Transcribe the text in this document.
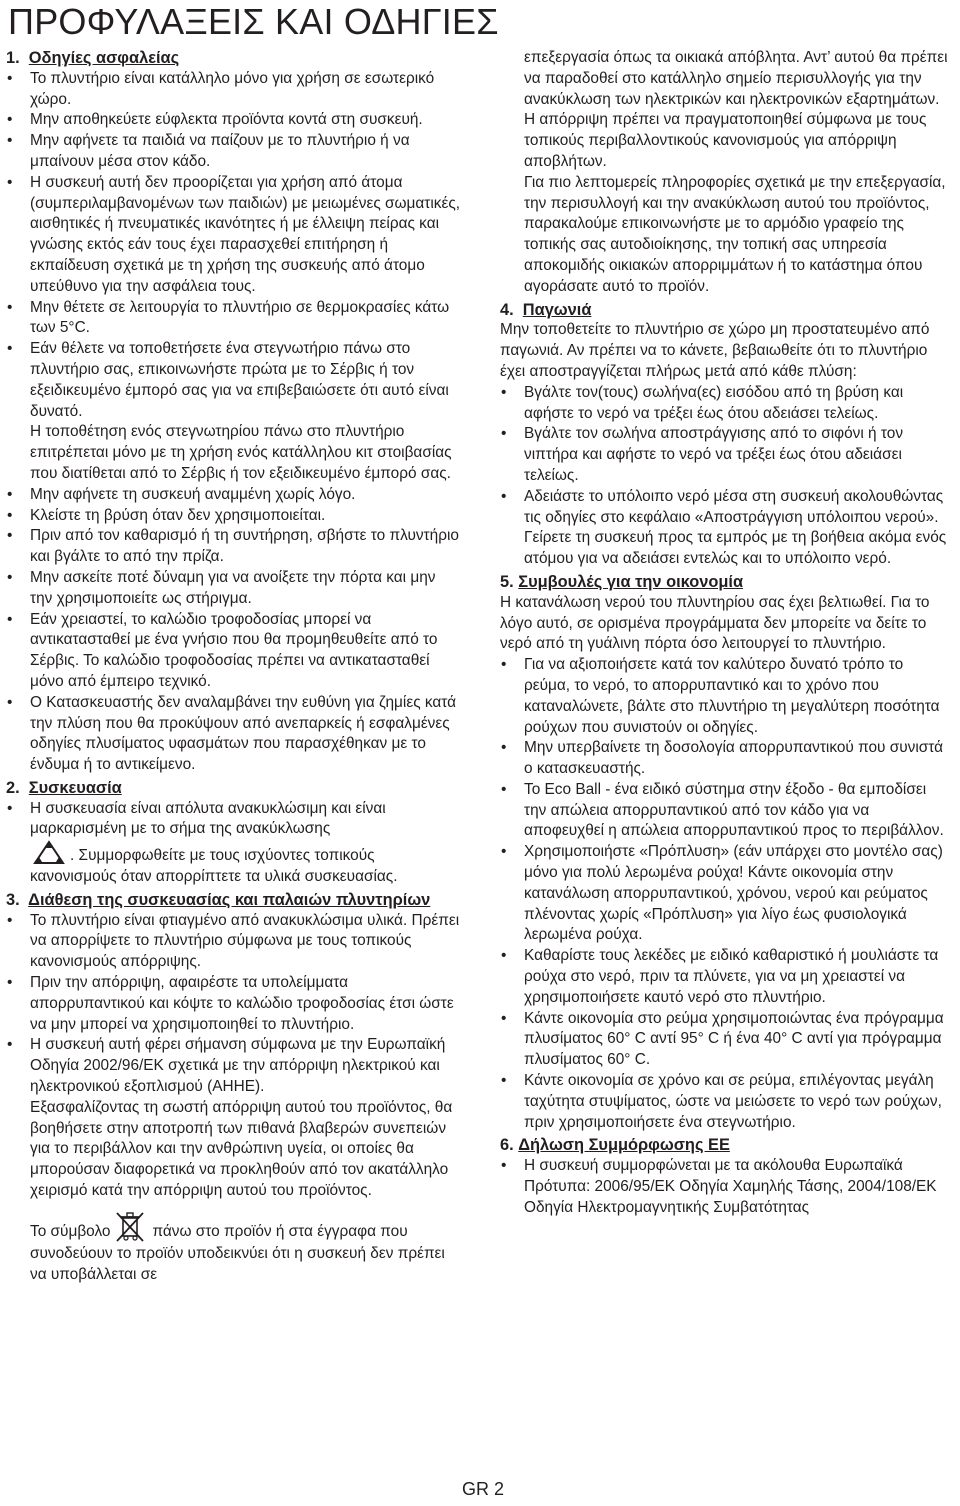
ΠΡΟΦΥΛΑΞΕΙΣ ΚΑΙ ΟΔΗΓΙΕΣ

1. Οδηγίες ασφαλείας

• Το πλυντήριο είναι κατάλληλο μόνο για χρήση σε εσωτερικό χώρο.

• Μην αποθηκεύετε εύφλεκτα προϊόντα κοντά στη συσκευή.

• Μην αφήνετε τα παιδιά να παίζουν με το πλυντήριο ή να μπαίνουν μέσα στον κάδο.

• Η συσκευή αυτή δεν προορίζεται για χρήση από άτομα (συμπεριλαμβανομένων των παιδιών) με μειωμένες σωματικές, αισθητικές ή πνευματικές ικανότητες ή με έλλειψη πείρας και γνώσης εκτός εάν τους έχει παρασχεθεί επιτήρηση ή εκπαίδευση σχετικά με τη χρήση της συσκευής από άτομο υπεύθυνο για την ασφάλεια τους.

• Μην θέτετε σε λειτουργία το πλυντήριο σε θερμοκρασίες κάτω των 5°C.

• Εάν θέλετε να τοποθετήσετε ένα στεγνωτήριο πάνω στο πλυντήριο σας, επικοινωνήστε πρώτα με το Σέρβις ή τον εξειδικευμένο έμπορό σας για να επιβεβαιώσετε ότι αυτό είναι δυνατό.

Η τοποθέτηση ενός στεγνωτηρίου πάνω στο πλυντήριο επιτρέπεται μόνο με τη χρήση ενός κατάλληλου κιτ στοιβασίας που διατίθεται από το Σέρβις ή τον εξειδικευμένο έμπορό σας.

• Μην αφήνετε τη συσκευή αναμμένη χωρίς λόγο.

• Κλείστε τη βρύση όταν δεν χρησιμοποιείται.

• Πριν από τον καθαρισμό ή τη συντήρηση, σβήστε το πλυντήριο και βγάλτε το από την πρίζα.

• Μην ασκείτε ποτέ δύναμη για να ανοίξετε την πόρτα και μην την χρησιμοποιείτε ως στήριγμα.

• Εάν χρειαστεί, το καλώδιο τροφοδοσίας μπορεί να αντικατασταθεί με ένα γνήσιο που θα προμηθευθείτε από το Σέρβις. Το καλώδιο τροφοδοσίας πρέπει να αντικατασταθεί μόνο από έμπειρο τεχνικό.

• Ο Κατασκευαστής δεν αναλαμβάνει την ευθύνη για ζημίες κατά την πλύση που θα προκύψουν από ανεπαρκείς ή εσφαλμένες οδηγίες πλυσίματος υφασμάτων που παρασχέθηκαν με το ένδυμα ή το αντικείμενο.

2. Συσκευασία

• Η συσκευασία είναι απόλυτα ανακυκλώσιμη και είναι μαρκαρισμένη με το σήμα της ανακύκλωσης
. Συμμορφωθείτε με τους ισχύοντες τοπικούς κανονισμούς όταν απορρίπτετε τα υλικά συσκευασίας.

3. Διάθεση της συσκευασίας και παλαιών πλυντηρίων

• Το πλυντήριο είναι φτιαγμένο από ανακυκλώσιμα υλικά. Πρέπει να απορρίψετε το πλυντήριο σύμφωνα με τους τοπικούς κανονισμούς απόρριψης.

• Πριν την απόρριψη, αφαιρέστε τα υπολείμματα απορρυπαντικού και κόψτε το καλώδιο τροφοδοσίας έτσι ώστε να μην μπορεί να χρησιμοποιηθεί το πλυντήριο.

• Η συσκευή αυτή φέρει σήμανση σύμφωνα με την Ευρωπαϊκή Οδηγία 2002/96/ΕΚ σχετικά με την απόρριψη ηλεκτρικού και ηλεκτρονικού εξοπλισμού (ΑΗΗΕ).

Εξασφαλίζοντας τη σωστή απόρριψη αυτού του προϊόντος, θα βοηθήσετε στην αποτροπή των πιθανά βλαβερών συνεπειών για το περιβάλλον και την ανθρώπινη υγεία, οι οποίες θα μπορούσαν διαφορετικά να προκληθούν από τον ακατάλληλο χειρισμό κατά την απόρριψη αυτού του προϊόντος.

Το σύμβολο	πάνω στο προϊόν ή στα έγγραφα που συνοδεύουν το προϊόν υποδεικνύει ότι η συσκευή δεν πρέπει να υποβάλλεται σε

επεξεργασία όπως τα οικιακά απόβλητα. Αντ’ αυτού θα πρέπει να παραδοθεί στο κατάλληλο σημείο περισυλλογής για την ανακύκλωση των ηλεκτρικών και ηλεκτρονικών εξαρτημάτων.

Η απόρριψη πρέπει να πραγματοποιηθεί σύμφωνα με τους τοπικούς περιβαλλοντικούς κανονισμούς για απόρριψη αποβλήτων.

Για πιο λεπτομερείς πληροφορίες σχετικά με την επεξεργασία, την περισυλλογή και την ανακύκλωση αυτού του προϊόντος, παρακαλούμε επικοινωνήστε με το αρμόδιο γραφείο της τοπικής σας αυτοδιοίκησης, την τοπική σας υπηρεσία αποκομιδής οικιακών απορριμμάτων ή το κατάστημα όπου αγοράσατε αυτό το προϊόν.

4. Παγωνιά

Μην τοποθετείτε το πλυντήριο σε χώρο μη προστατευμένο από παγωνιά. Αν πρέπει να το κάνετε, βεβαιωθείτε ότι το πλυντήριο έχει αποστραγγίζεται πλήρως μετά από κάθε πλύση:

• Βγάλτε τον(τους) σωλήνα(ες) εισόδου από τη βρύση και αφήστε το νερό να τρέξει έως ότου αδειάσει τελείως.

• Βγάλτε τον σωλήνα αποστράγγισης από το σιφόνι ή τον νιπτήρα και αφήστε το νερό να τρέξει έως ότου αδειάσει τελείως.

• Αδειάστε το υπόλοιπο νερό μέσα στη συσκευή ακολουθώντας τις οδηγίες στο κεφάλαιο «Αποστράγγιση υπόλοιπου νερού». Γείρετε τη συσκευή προς τα εμπρός με τη βοήθεια ακόμα ενός ατόμου για να αδειάσει εντελώς και το υπόλοιπο νερό.

5. Συμβουλές για την οικονομία

Η κατανάλωση νερού του πλυντηρίου σας έχει βελτιωθεί. Για το λόγο αυτό, σε ορισμένα προγράμματα δεν μπορείτε να δείτε το νερό από τη γυάλινη πόρτα όσο λειτουργεί το πλυντήριο.

• Για να αξιοποιήσετε κατά τον καλύτερο δυνατό τρόπο το ρεύμα, το νερό, το απορρυπαντικό και το χρόνο που καταναλώνετε, βάλτε στο πλυντήριο τη μεγαλύτερη ποσότητα ρούχων που συνιστούν οι οδηγίες.

• Μην υπερβαίνετε τη δοσολογία απορρυπαντικού που συνιστά ο κατασκευαστής.

• Το Eco Ball - ένα ειδικό σύστημα στην έξοδο - θα εμποδίσει την απώλεια απορρυπαντικού από τον κάδο για να αποφευχθεί η απώλεια απορρυπαντικού προς το περιβάλλον.

• Χρησιμοποιήστε «Πρόπλυση» (εάν υπάρχει στο μοντέλο σας) μόνο για πολύ λερωμένα ρούχα! Κάντε οικονομία στην κατανάλωση απορρυπαντικού, χρόνου, νερού και ρεύματος πλένοντας χωρίς «Πρόπλυση» για λίγο έως φυσιολογικά λερωμένα ρούχα.

• Καθαρίστε τους λεκέδες με ειδικό καθαριστικό ή μουλιάστε τα ρούχα στο νερό, πριν τα πλύνετε, για να μη χρειαστεί να χρησιμοποιήσετε καυτό νερό στο πλυντήριο.

• Κάντε οικονομία στο ρεύμα χρησιμοποιώντας ένα πρόγραμμα πλυσίματος 60° C αντί 95° C ή ένα 40° C αντί για πρόγραμμα πλυσίματος 60° C.

• Κάντε οικονομία σε χρόνο και σε ρεύμα, επιλέγοντας μεγάλη ταχύτητα στυψίματος, ώστε να μειώσετε το νερό των ρούχων, πριν χρησιμοποιήσετε ένα στεγνωτήριο.

6. Δήλωση Συμμόρφωσης ΕΕ

• Η συσκευή συμμορφώνεται με τα ακόλουθα Ευρωπαϊκά Πρότυπα: 2006/95/ΕΚ Οδηγία Χαμηλής Τάσης, 2004/108/ΕΚ Οδηγία Ηλεκτρομαγνητικής Συμβατότητας

GR 2
